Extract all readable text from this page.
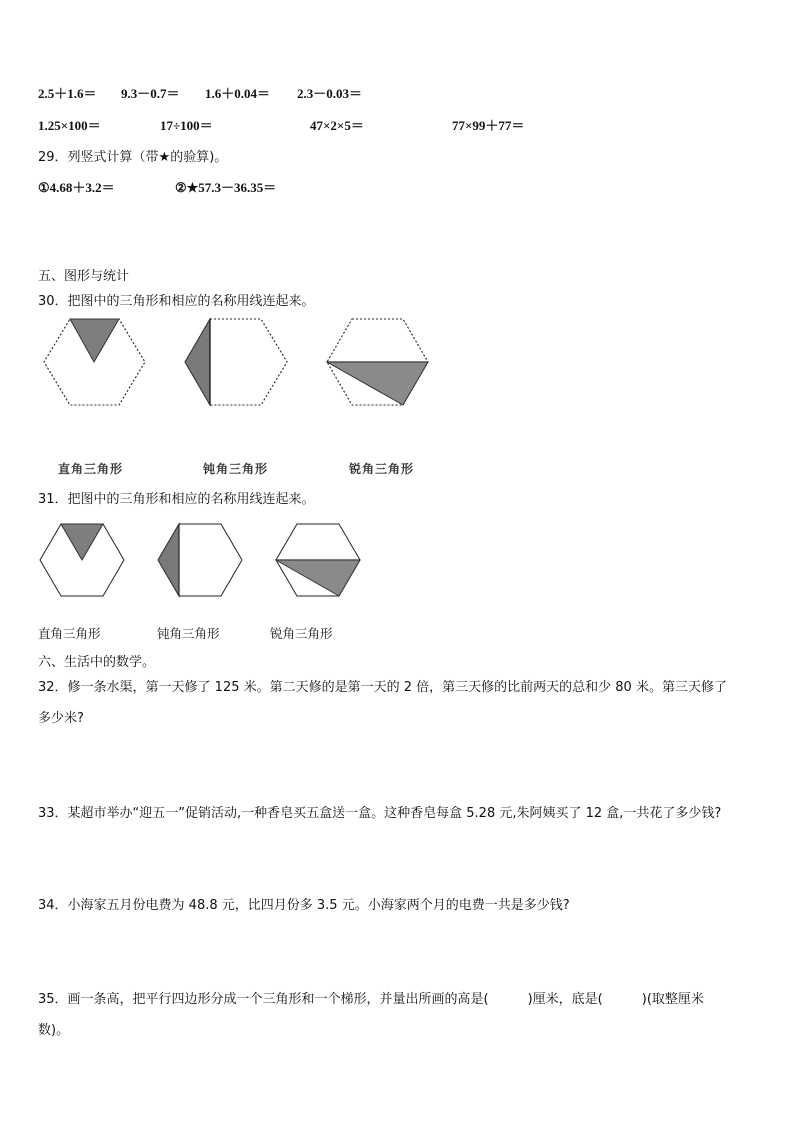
2.5＋1.6＝ 9.3－0.7＝ 1.6＋0.04＝ 2.3－0.03＝
1.25×100＝	17÷100＝	47×2×5＝	77×99＋77＝
29．列竖式计算（带★的验算)。
①4.68＋3.2＝	②★57.3－36.35＝
五、图形与统计
30．把图中的三角形和相应的名称用线连起来。
直角三角形	钝角三角形	锐角三角形
31．把图中的三角形和相应的名称用线连起来。
直角三角形	钝角三角形	锐角三角形
六、生活中的数学。
32．修一条水渠，第一天修了 125 米。第二天修的是第一天的 2 倍，第三天修的比前两天的总和少 80 米。第三天修了
多少米?
33．某超市举办“迎五一”促销活动,一种香皂买五盒送一盒。这种香皂每盒 5.28 元,朱阿姨买了 12 盒,一共花了多少钱?
34．小海家五月份电费为 48.8 元，比四月份多 3.5 元。小海家两个月的电费一共是多少钱?
35．画一条高，把平行四边形分成一个三角形和一个梯形，并量出所画的高是(　　　)厘米，底是(　　　)(取整厘米
数)。
